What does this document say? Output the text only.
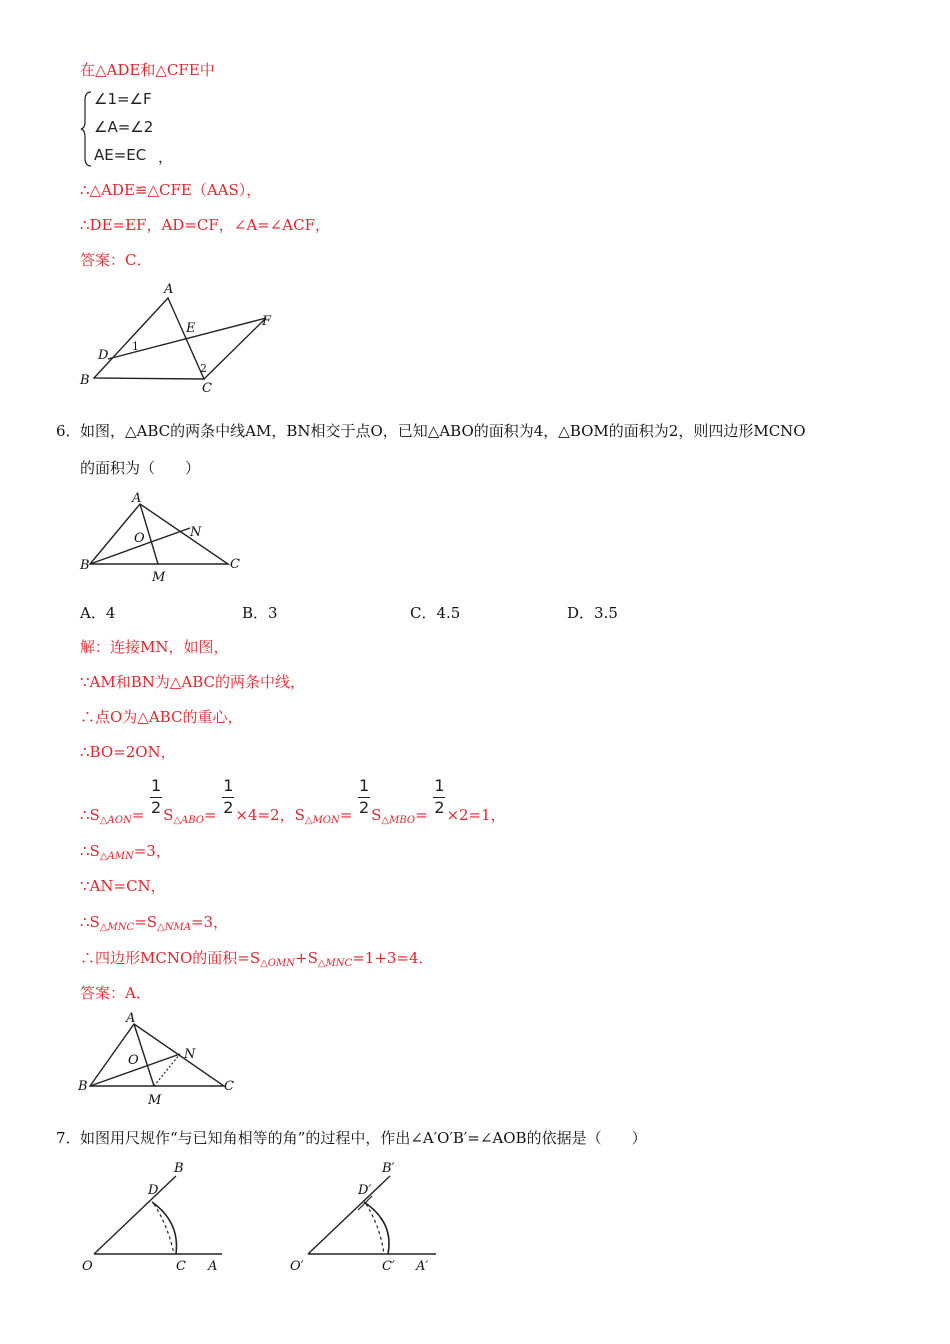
在△ADE和△CFE中
∠1=∠F
∠A=∠2
AE=EC ，
∴△ADE≌△CFE（AAS），
∴DE=EF，AD=CF，∠A=∠ACF，
答案：C．
A
B
C
D
E	F
1
2
6． 如图，△ABC的两条中线AM，BN相交于点O，已知△ABO的面积为4，△BOM的面积为2，则四边形MCNO
的面积为（　　）
A
B	C
O	N
M
A．4	B．3	C．4.5	D．3.5
解：连接MN，如图，
∵AM和BN为△ABC的两条中线，
∴点O为△ABC的重心，
∴BO=2ON，
$\therefore S_{\triangle AON}= \frac{1}{2} S_{\triangle ABO}= \frac{1}{2} \times 4=2$，$S_{\triangle MON}= \frac{1}{2} S_{\triangle MBO}= \frac{1}{2} \times 2=1$，
$\therefore S_{\triangle AMN}=3$，
∵AN=CN，
$\therefore S_{\triangle MNC}=S_{\triangle NMA}=3$，
∴四边形MCNO的面积$=S_{\triangle OMN}+S_{\triangle MNC}=1+3=4$．
答案：A．
A
B	C
O	N
M
7． 如图用尺规作“与已知角相等的角”的过程中，作出∠A′O′B′=∠AOB的依据是（　　）
O	C A
D
B
O′	C′ A′
D′
B′
